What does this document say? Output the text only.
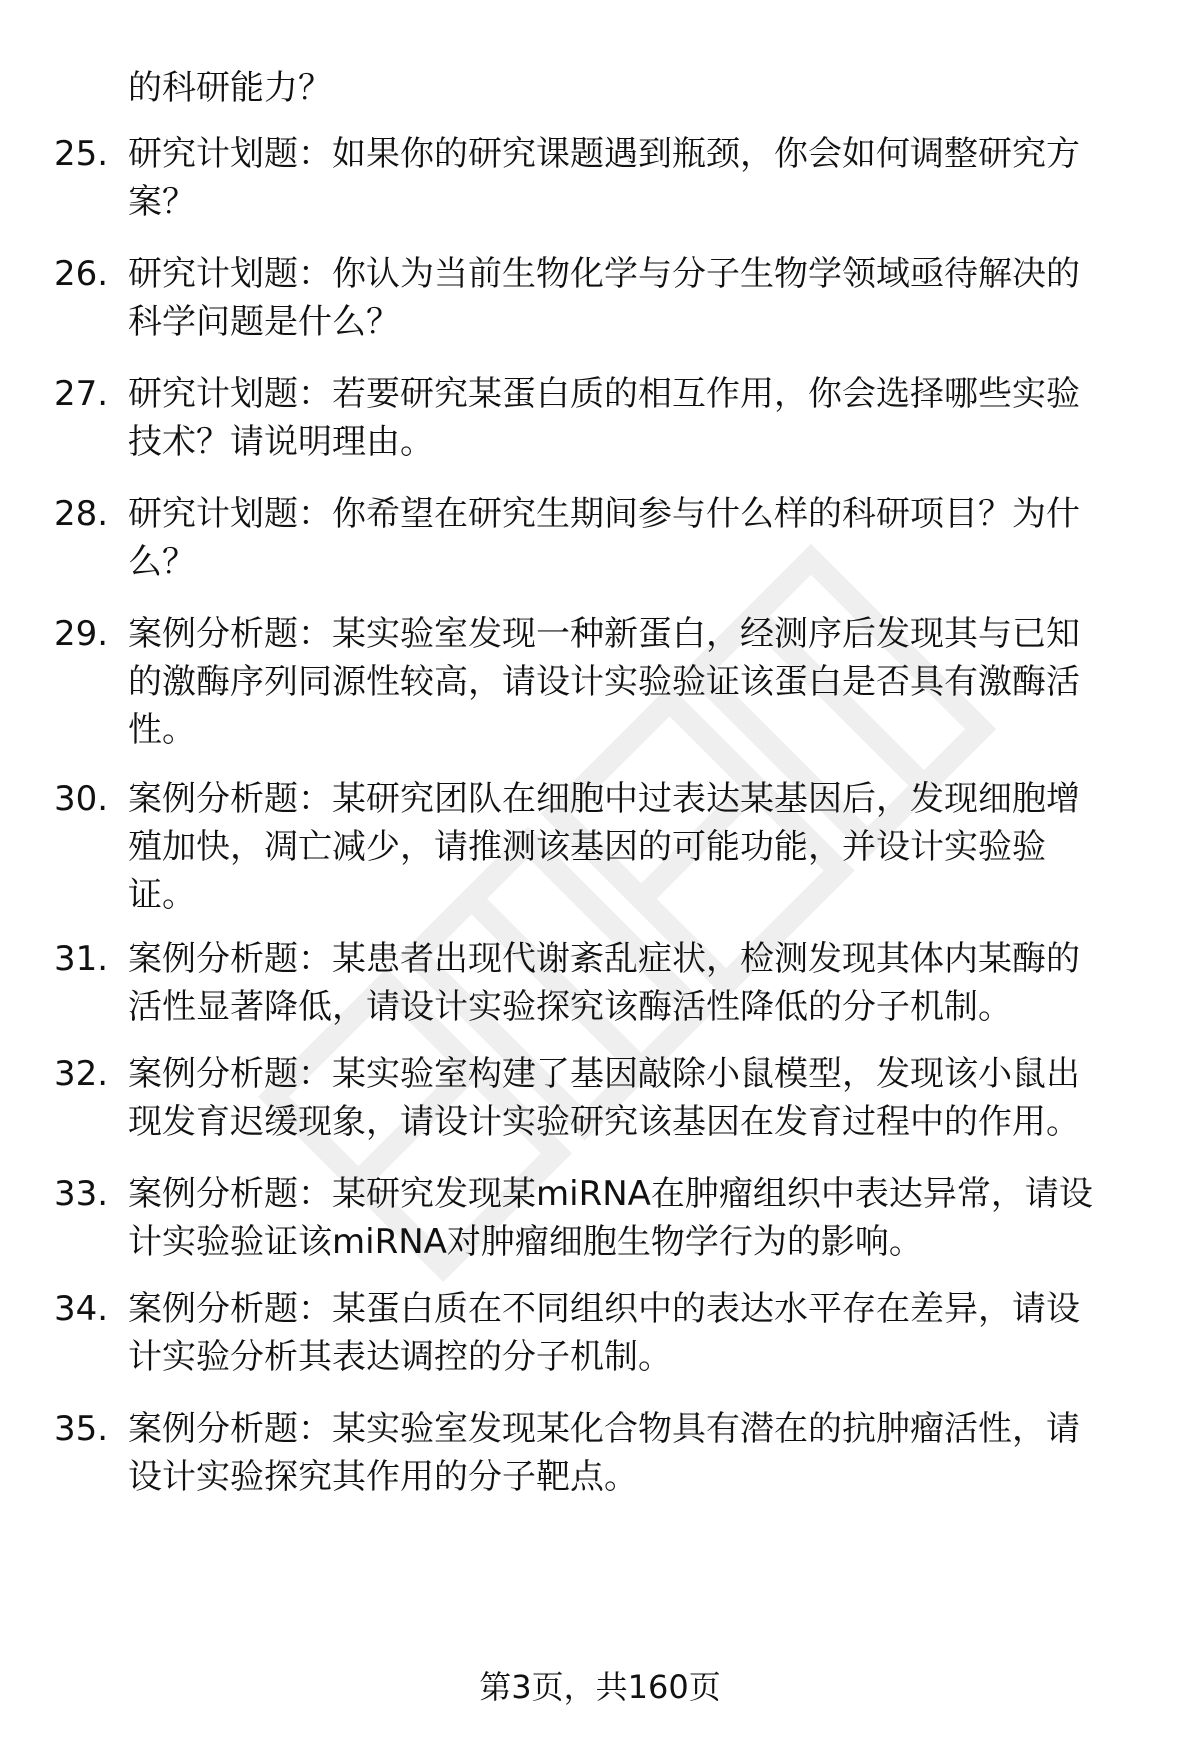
的科研能力？
25. 研究计划题：如果你的研究课题遇到瓶颈，你会如何调整研究方
案？
26. 研究计划题：你认为当前生物化学与分子生物学领域亟待解决的
科学问题是什么？
27. 研究计划题：若要研究某蛋白质的相互作用，你会选择哪些实验
技术？请说明理由。
28. 研究计划题：你希望在研究生期间参与什么样的科研项目？为什
么？
29. 案例分析题：某实验室发现一种新蛋白，经测序后发现其与已知
的激酶序列同源性较高，请设计实验验证该蛋白是否具有激酶活
性。
30. 案例分析题：某研究团队在细胞中过表达某基因后，发现细胞增
殖加快，凋亡减少，请推测该基因的可能功能，并设计实验验
证。
31. 案例分析题：某患者出现代谢紊乱症状，检测发现其体内某酶的
活性显著降低，请设计实验探究该酶活性降低的分子机制。
32. 案例分析题：某实验室构建了基因敲除小鼠模型，发现该小鼠出
现发育迟缓现象，请设计实验研究该基因在发育过程中的作用。
33. 案例分析题：某研究发现某miRNA在肿瘤组织中表达异常，请设
计实验验证该miRNA对肿瘤细胞生物学行为的影响。
34. 案例分析题：某蛋白质在不同组织中的表达水平存在差异，请设
计实验分析其表达调控的分子机制。
35. 案例分析题：某实验室发现某化合物具有潜在的抗肿瘤活性，请
设计实验探究其作用的分子靶点。
第3页，共160页
